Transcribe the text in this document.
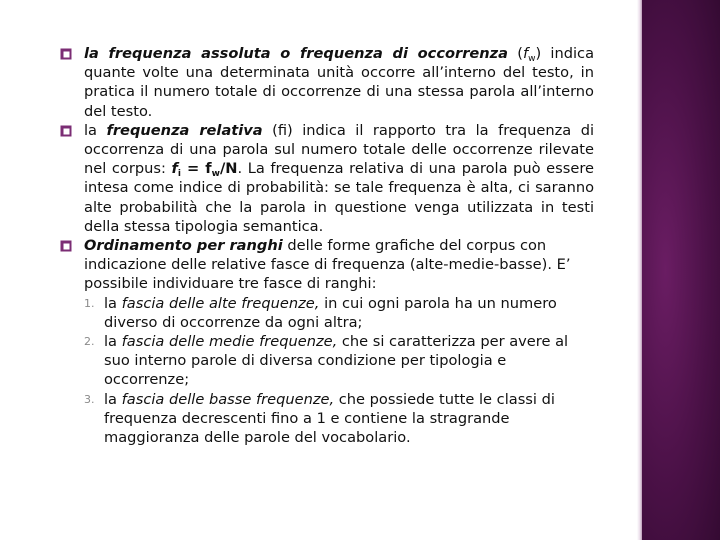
la frequenza assoluta o frequenza di occorrenza $(f_w)$ indica quante volte una determinata unità occorre all’interno del testo, in pratica il numero totale di occorrenze di una stessa parola all’interno del testo.
la frequenza relativa (fi) indica il rapporto tra la frequenza di occorrenza di una parola sul numero totale delle occorrenze rilevate nel corpus: $f_i = f_w/N$. La frequenza relativa di una parola può essere intesa come indice di probabilità: se tale frequenza è alta, ci saranno alte probabilità che la parola in questione venga utilizzata in testi della stessa tipologia semantica.
Ordinamento per ranghi delle forme grafiche del corpus con indicazione delle relative fasce di frequenza (alte-medie-basse). E’ possibile individuare tre fasce di ranghi:
1. la fascia delle alte frequenze, in cui ogni parola ha un numero diverso di occorrenze da ogni altra;
2. la fascia delle medie frequenze, che si caratterizza per avere al suo interno parole di diversa condizione per tipologia e occorrenze;
3. la fascia delle basse frequenze, che possiede tutte le classi di frequenza decrescenti fino a 1 e contiene la stragrande maggioranza delle parole del vocabolario.
